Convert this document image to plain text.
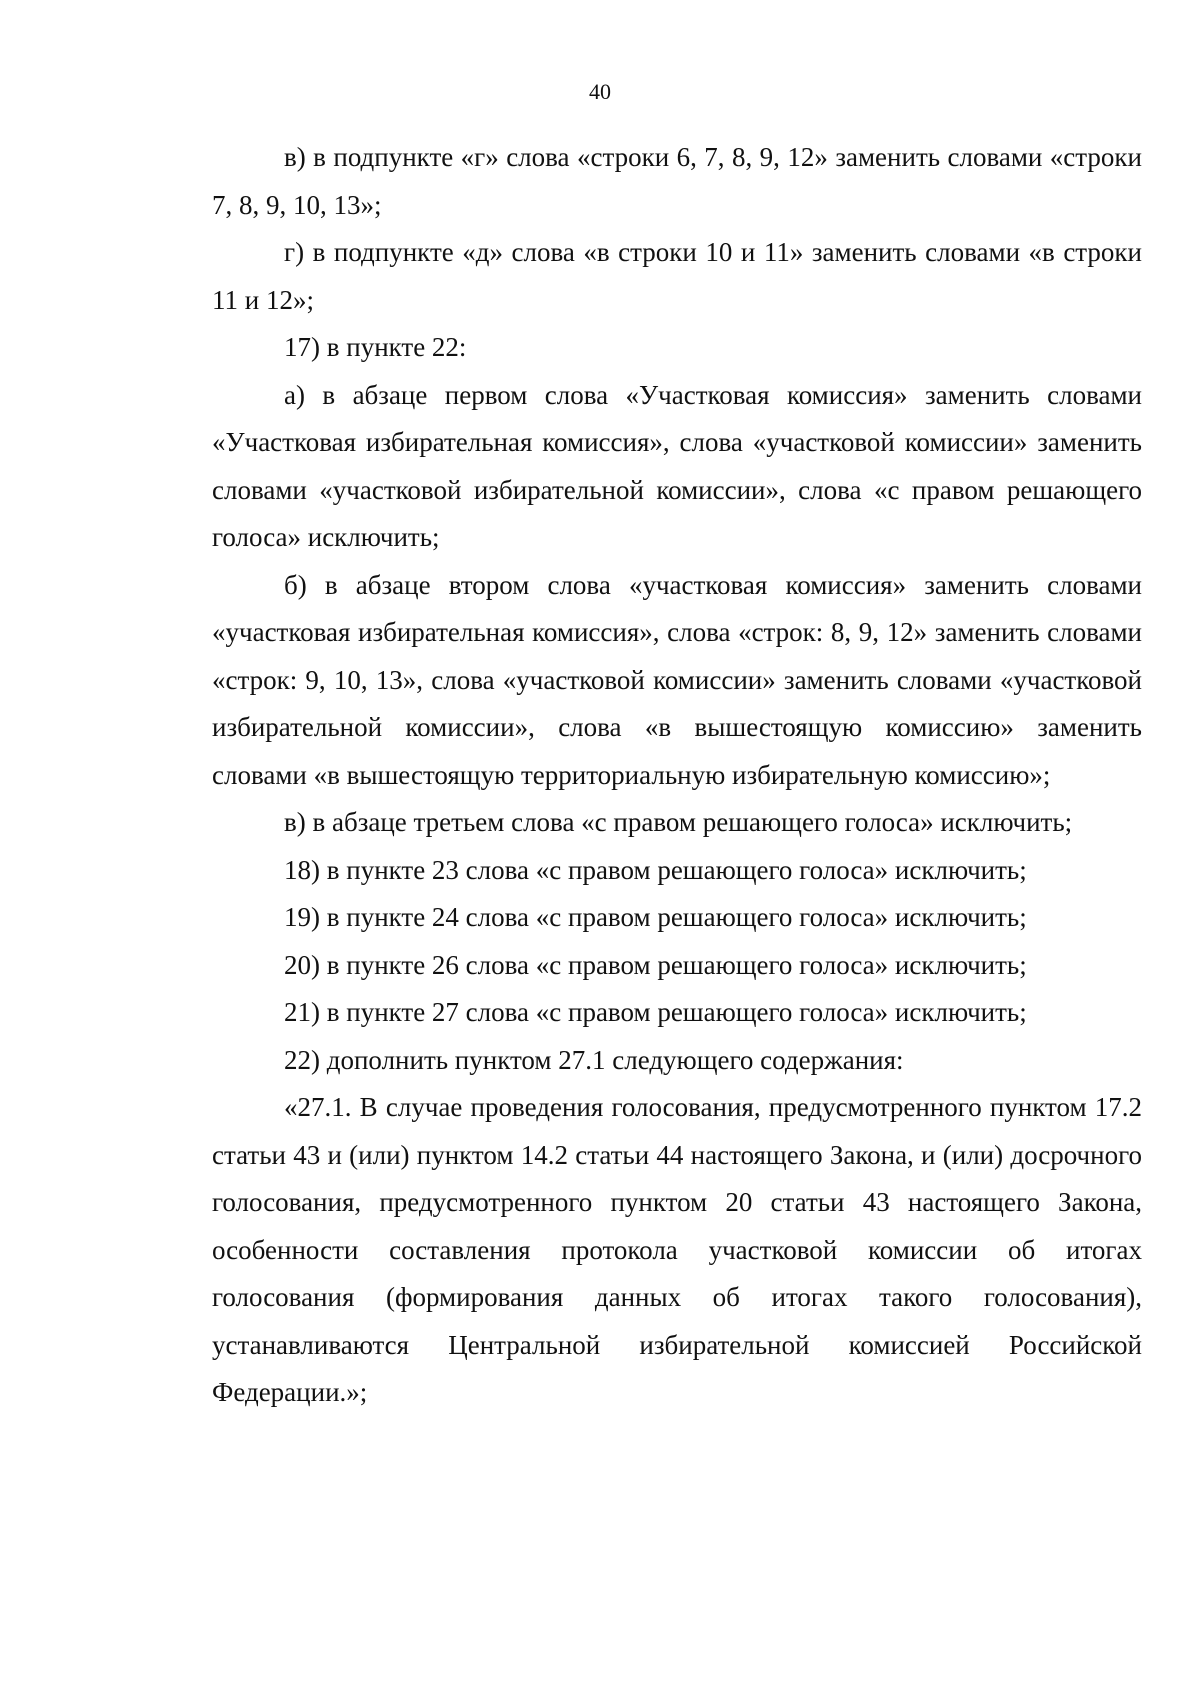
40

в) в подпункте «г» слова «строки 6, 7, 8, 9, 12» заменить словами «строки 7, 8, 9, 10, 13»;

г) в подпункте «д» слова «в строки 10 и 11» заменить словами «в строки 11 и 12»;

17) в пункте 22:

а) в абзаце первом слова «Участковая комиссия» заменить словами «Участковая избирательная комиссия», слова «участковой комиссии» заменить словами «участковой избирательной комиссии», слова «с правом решающего голоса» исключить;

б) в абзаце втором слова «участковая комиссия» заменить словами «участковая избирательная комиссия», слова «строк: 8, 9, 12» заменить словами «строк: 9, 10, 13», слова «участковой комиссии» заменить словами «участковой избирательной комиссии», слова «в вышестоящую комиссию» заменить словами «в вышестоящую территориальную избирательную комиссию»;

в) в абзаце третьем слова «с правом решающего голоса» исключить;

18) в пункте 23 слова «с правом решающего голоса» исключить;

19) в пункте 24 слова «с правом решающего голоса» исключить;

20) в пункте 26 слова «с правом решающего голоса» исключить;

21) в пункте 27 слова «с правом решающего голоса» исключить;

22) дополнить пунктом 27.1 следующего содержания:

«27.1. В случае проведения голосования, предусмотренного пунктом 17.2 статьи 43 и (или) пунктом 14.2 статьи 44 настоящего Закона, и (или) досрочного голосования, предусмотренного пунктом 20 статьи 43 настоящего Закона, особенности составления протокола участковой комиссии об итогах голосования (формирования данных об итогах такого голосования), устанавливаются Центральной избирательной комиссией Российской Федерации.»;
